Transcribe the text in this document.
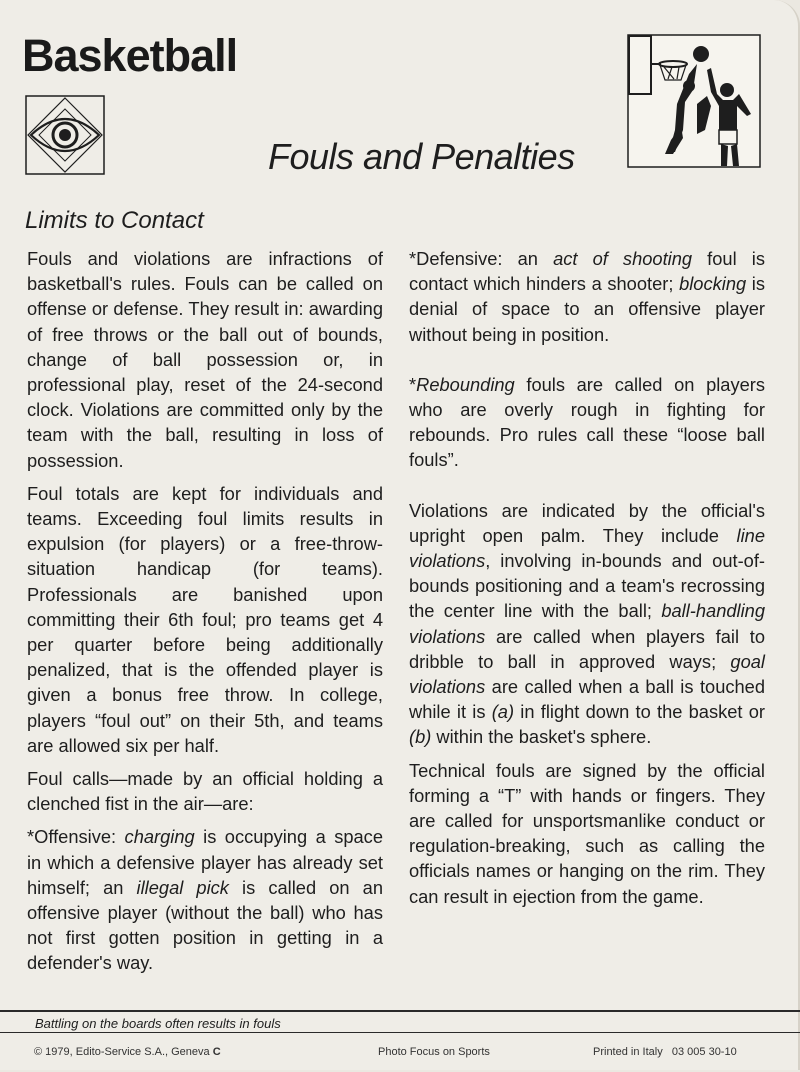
Basketball
Fouls and Penalties
Limits to Contact

Fouls and violations are infractions of basketball's rules. Fouls can be called on offense or defense. They result in: awarding of free throws or the ball out of bounds, change of ball possession or, in professional play, reset of the 24-second clock. Violations are committed only by the team with the ball, resulting in loss of possession.

Foul totals are kept for individuals and teams. Exceeding foul limits results in expulsion (for players) or a free-throw-situation handicap (for teams). Professionals are banished upon committing their 6th foul; pro teams get 4 per quarter before being additionally penalized, that is the offended player is given a bonus free throw. In college, players “foul out” on their 5th, and teams are allowed six per half.

Foul calls—made by an official holding a clenched fist in the air—are:

*Offensive: charging is occupying a space in which a defensive player has already set himself; an illegal pick is called on an offensive player (without the ball) who has not first gotten position in getting in a defender's way.

*Defensive: an act of shooting foul is contact which hinders a shooter; blocking is denial of space to an offensive player without being in position.

*Rebounding fouls are called on players who are overly rough in fighting for rebounds. Pro rules call these “loose ball fouls”.

Violations are indicated by the official's upright open palm. They include line violations, involving in-bounds and out-of-bounds positioning and a team's recrossing the center line with the ball; ball-handling violations are called when players fail to dribble to ball in approved ways; goal violations are called when a ball is touched while it is (a) in flight down to the basket or (b) within the basket's sphere.

Technical fouls are signed by the official forming a “T” with hands or fingers. They are called for unsportsmanlike conduct or regulation-breaking, such as calling the officials names or hanging on the rim. They can result in ejection from the game.

Battling on the boards often results in fouls
© 1979, Edito-Service S.A., Geneva C	Photo Focus on Sports	Printed in Italy   03 005 30-10
